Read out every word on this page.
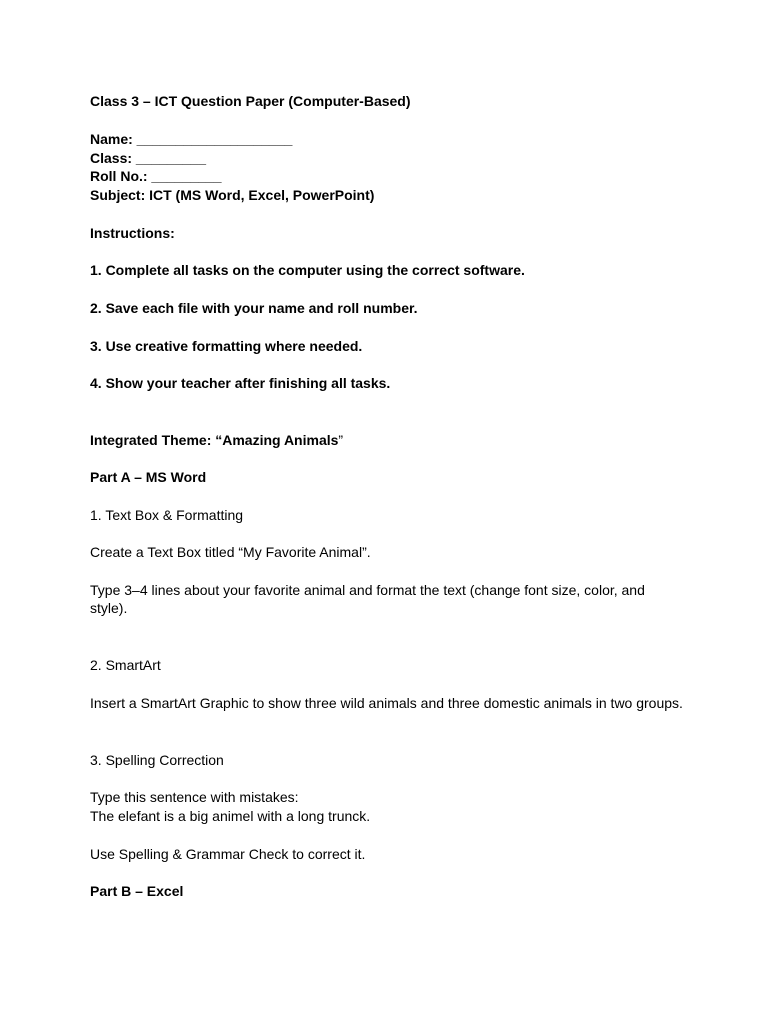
Class 3 – ICT Question Paper (Computer-Based)

Name: ____________________

Class: _________

Roll No.: _________

Subject: ICT (MS Word, Excel, PowerPoint)

Instructions:

1. Complete all tasks on the computer using the correct software.

2. Save each file with your name and roll number.

3. Use creative formatting where needed.

4. Show your teacher after finishing all tasks.

Integrated Theme: “Amazing Animals”

Part A – MS Word

1. Text Box & Formatting

Create a Text Box titled “My Favorite Animal”.

Type 3–4 lines about your favorite animal and format the text (change font size, color, and style).

2. SmartArt

Insert a SmartArt Graphic to show three wild animals and three domestic animals in two groups.

3. Spelling Correction

Type this sentence with mistakes:

The elefant is a big animel with a long trunck.

Use Spelling & Grammar Check to correct it.

Part B – Excel
